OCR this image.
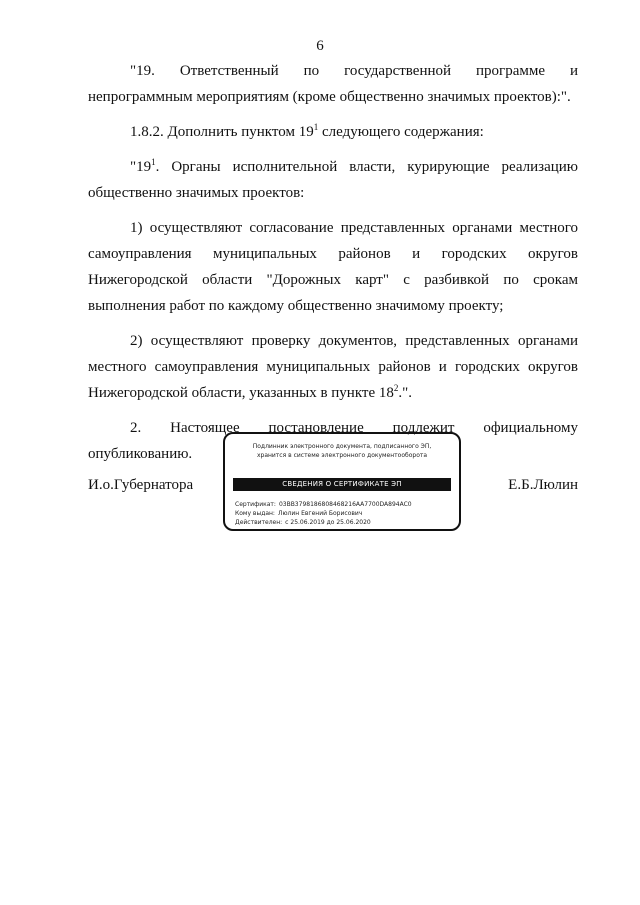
6

"19. Ответственный по государственной программе и непрограммным мероприятиям (кроме общественно значимых проектов):".

1.8.2. Дополнить пунктом $19^1$ следующего содержания:

"$19^1$. Органы исполнительной власти, курирующие реализацию общественно значимых проектов:

1) осуществляют согласование представленных органами местного самоуправления муниципальных районов и городских округов Нижегородской области "Дорожных карт" с разбивкой по срокам выполнения работ по каждому общественно значимому проекту;

2) осуществляют проверку документов, представленных органами местного самоуправления муниципальных районов и городских округов Нижегородской области, указанных в пункте $18^2$.".

2. Настоящее постановление подлежит официальному опубликованию.

И.о.Губернатора
Подлинник электронного документа, подписанного ЭП,
хранится в системе электронного документооборота
СВЕДЕНИЯ О СЕРТИФИКАТЕ ЭП
Сертификат: 03BB3798186808468216AA7700DA894AC0
Кому выдан: Люлин Евгений Борисович
Действителен: с 25.06.2019 до 25.06.2020
Е.Б.Люлин
